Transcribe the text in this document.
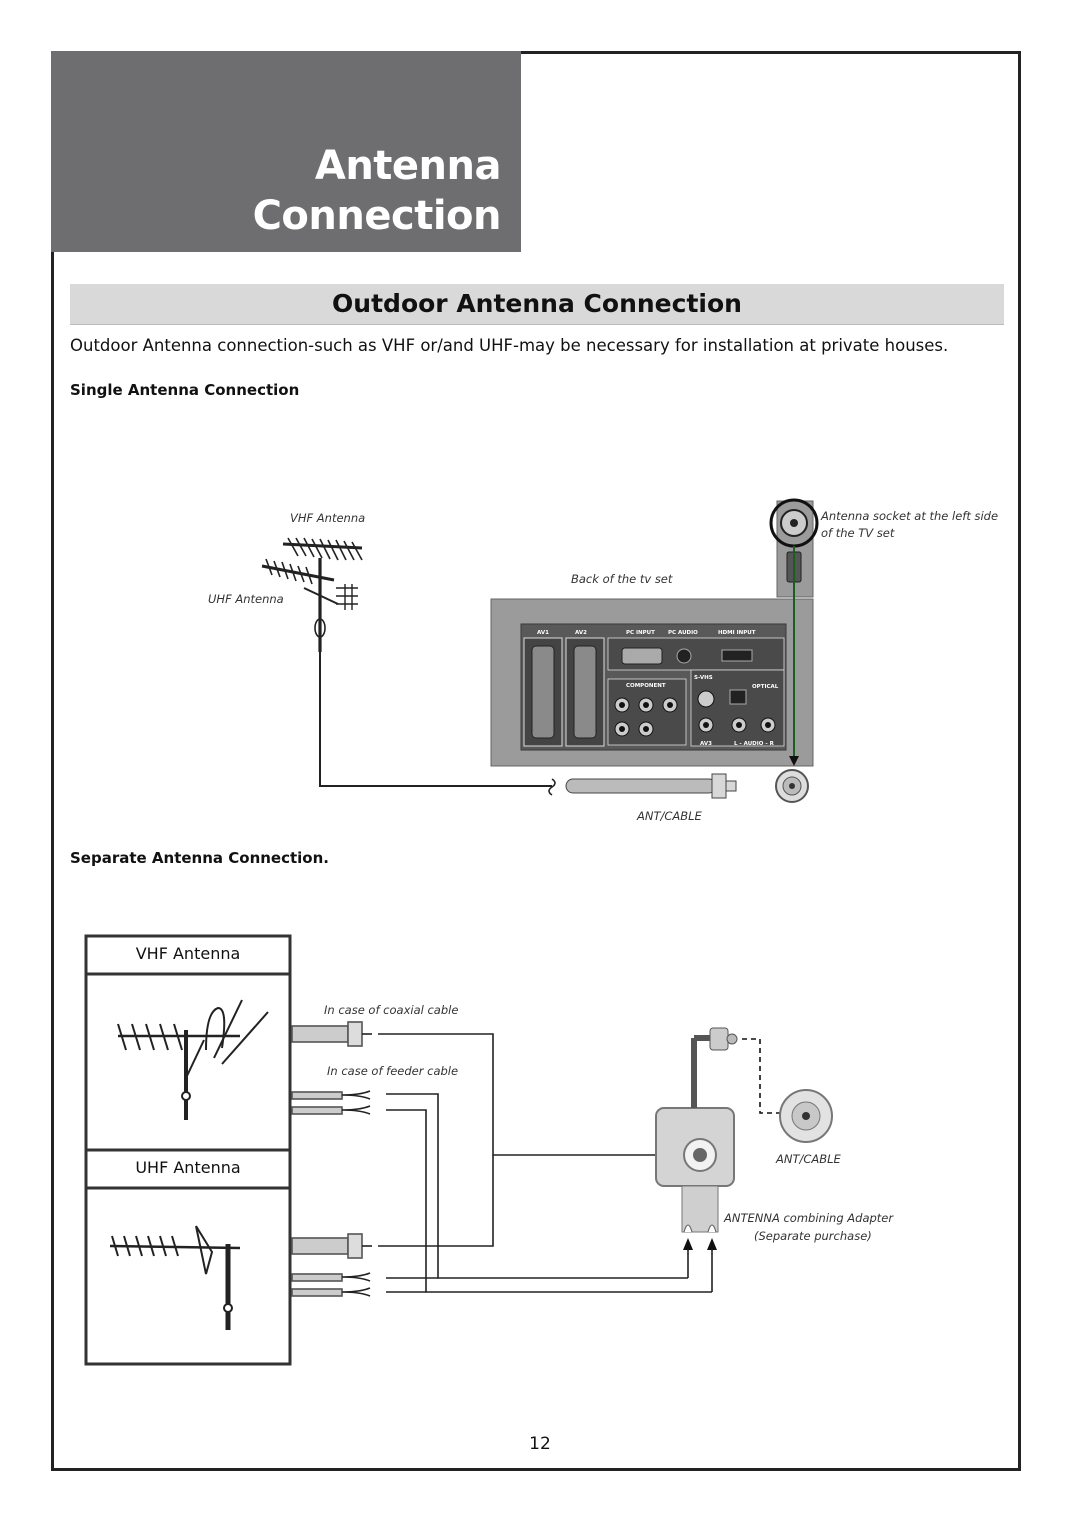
Antenna
Connection
Outdoor Antenna Connection
Outdoor Antenna connection-such as VHF or/and UHF-may be necessary for installation at private houses.
Single Antenna Connection
Separate Antenna Connection.
AV1	AV2	PC INPUT PC AUDIO	HDMI INPUT
COMPONENT
S-VHS
OPTICAL
AV3	L - AUDIO - R
VHF Antenna
UHF Antenna
Back of the tv set
Antenna socket at the left side
of the TV set
ANT/CABLE
VHF Antenna
UHF Antenna
In case of coaxial cable
In case of feeder cable
ANT/CABLE
ANTENNA combining Adapter
(Separate purchase)
12
